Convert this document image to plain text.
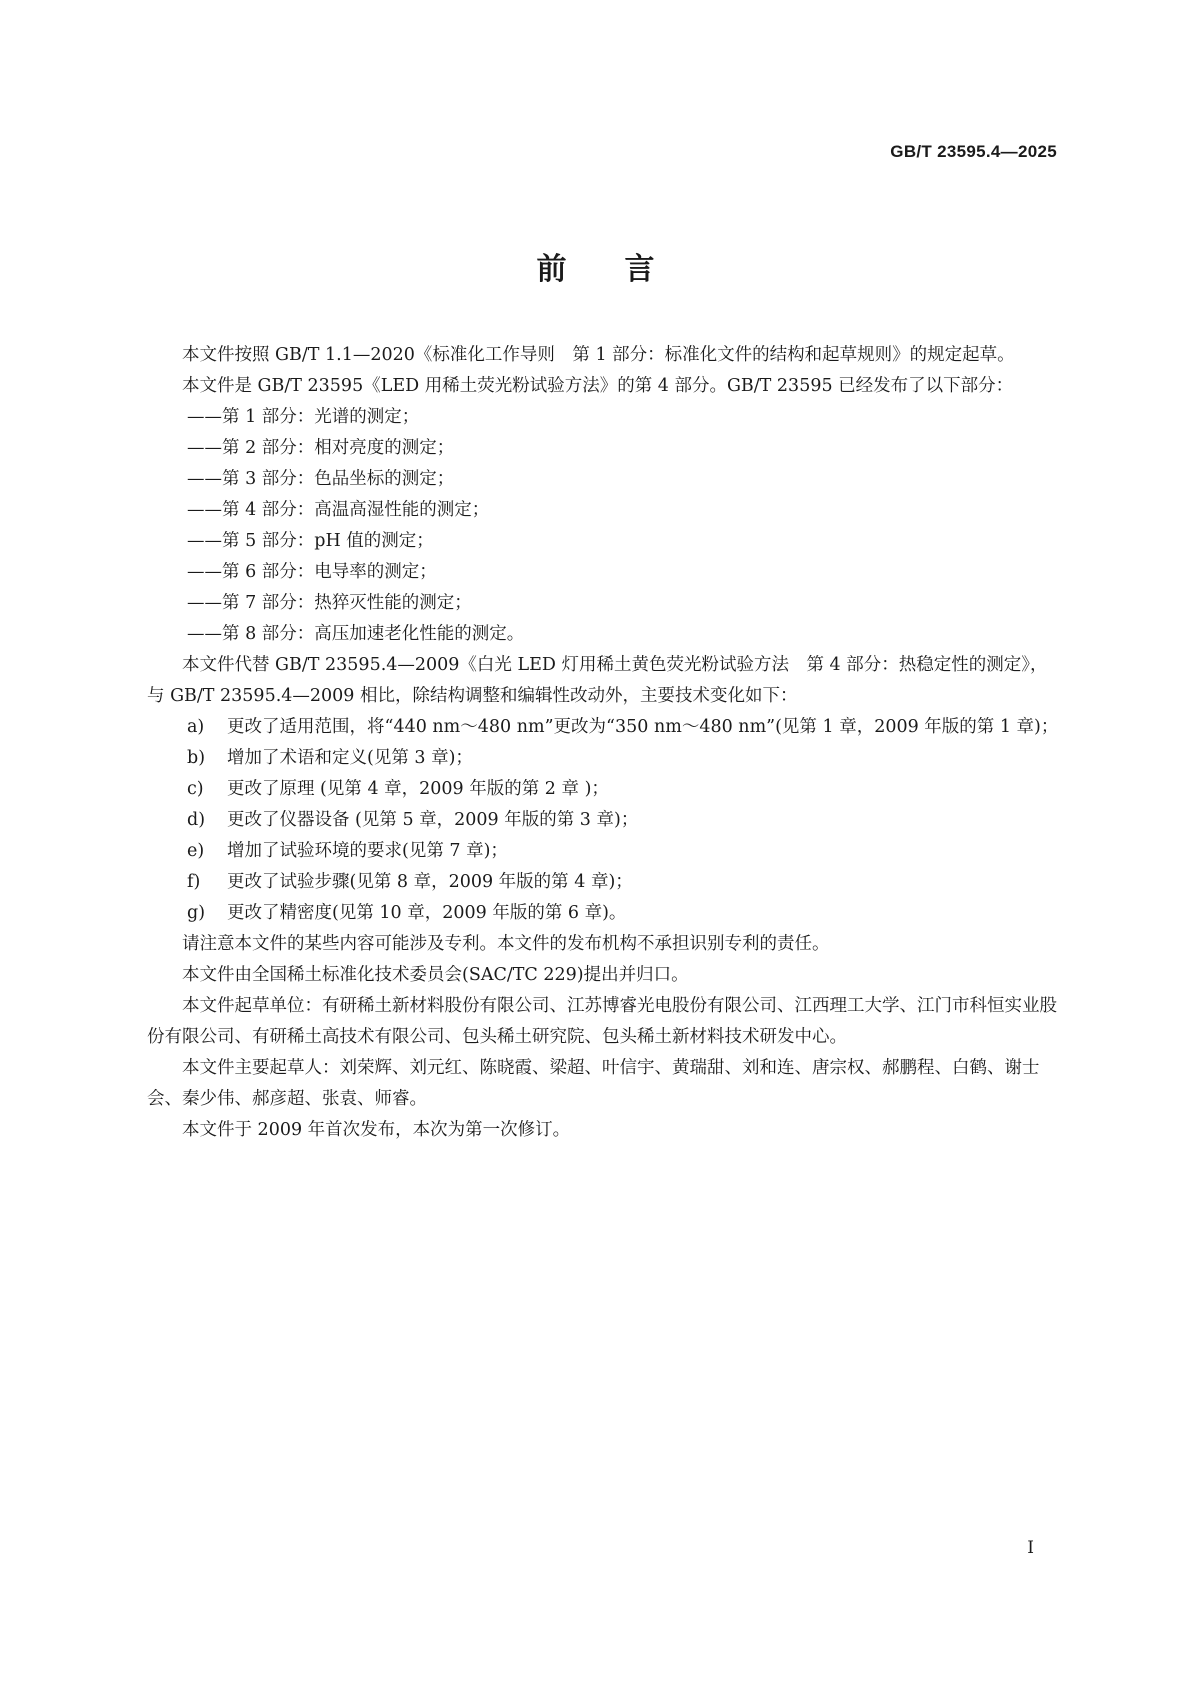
GB/T 23595.4—2025
前言

本文件按照 GB/T 1.1—2020《标准化工作导则　第 1 部分：标准化文件的结构和起草规则》的规定起草。

本文件是 GB/T 23595《LED 用稀土荧光粉试验方法》的第 4 部分。GB/T 23595 已经发布了以下部分：

——第 1 部分：光谱的测定；

——第 2 部分：相对亮度的测定；

——第 3 部分：色品坐标的测定；

——第 4 部分：高温高湿性能的测定；

——第 5 部分：pH 值的测定；

——第 6 部分：电导率的测定；

——第 7 部分：热猝灭性能的测定；

——第 8 部分：高压加速老化性能的测定。

本文件代替 GB/T 23595.4—2009《白光 LED 灯用稀土黄色荧光粉试验方法　第 4 部分：热稳定性的测定》，与 GB/T 23595.4—2009 相比，除结构调整和编辑性改动外，主要技术变化如下：

a)	更改了适用范围，将“440 nm～480 nm”更改为“350 nm～480 nm”(见第 1 章，2009 年版的第 1 章)；
b)	增加了术语和定义(见第 3 章)；
c)	更改了原理 (见第 4 章，2009 年版的第 2 章 )；
d)	更改了仪器设备 (见第 5 章，2009 年版的第 3 章)；
e)	增加了试验环境的要求(见第 7 章)；
f)	更改了试验步骤(见第 8 章，2009 年版的第 4 章)；
g)	更改了精密度(见第 10 章，2009 年版的第 6 章)。

请注意本文件的某些内容可能涉及专利。本文件的发布机构不承担识别专利的责任。

本文件由全国稀土标准化技术委员会(SAC/TC 229)提出并归口。

本文件起草单位：有研稀土新材料股份有限公司、江苏博睿光电股份有限公司、江西理工大学、江门市科恒实业股份有限公司、有研稀土高技术有限公司、包头稀土研究院、包头稀土新材料技术研发中心。

本文件主要起草人：刘荣辉、刘元红、陈晓霞、梁超、叶信宇、黄瑞甜、刘和连、唐宗权、郝鹏程、白鹤、谢士会、秦少伟、郝彦超、张袁、师睿。

本文件于 2009 年首次发布，本次为第一次修订。

I
